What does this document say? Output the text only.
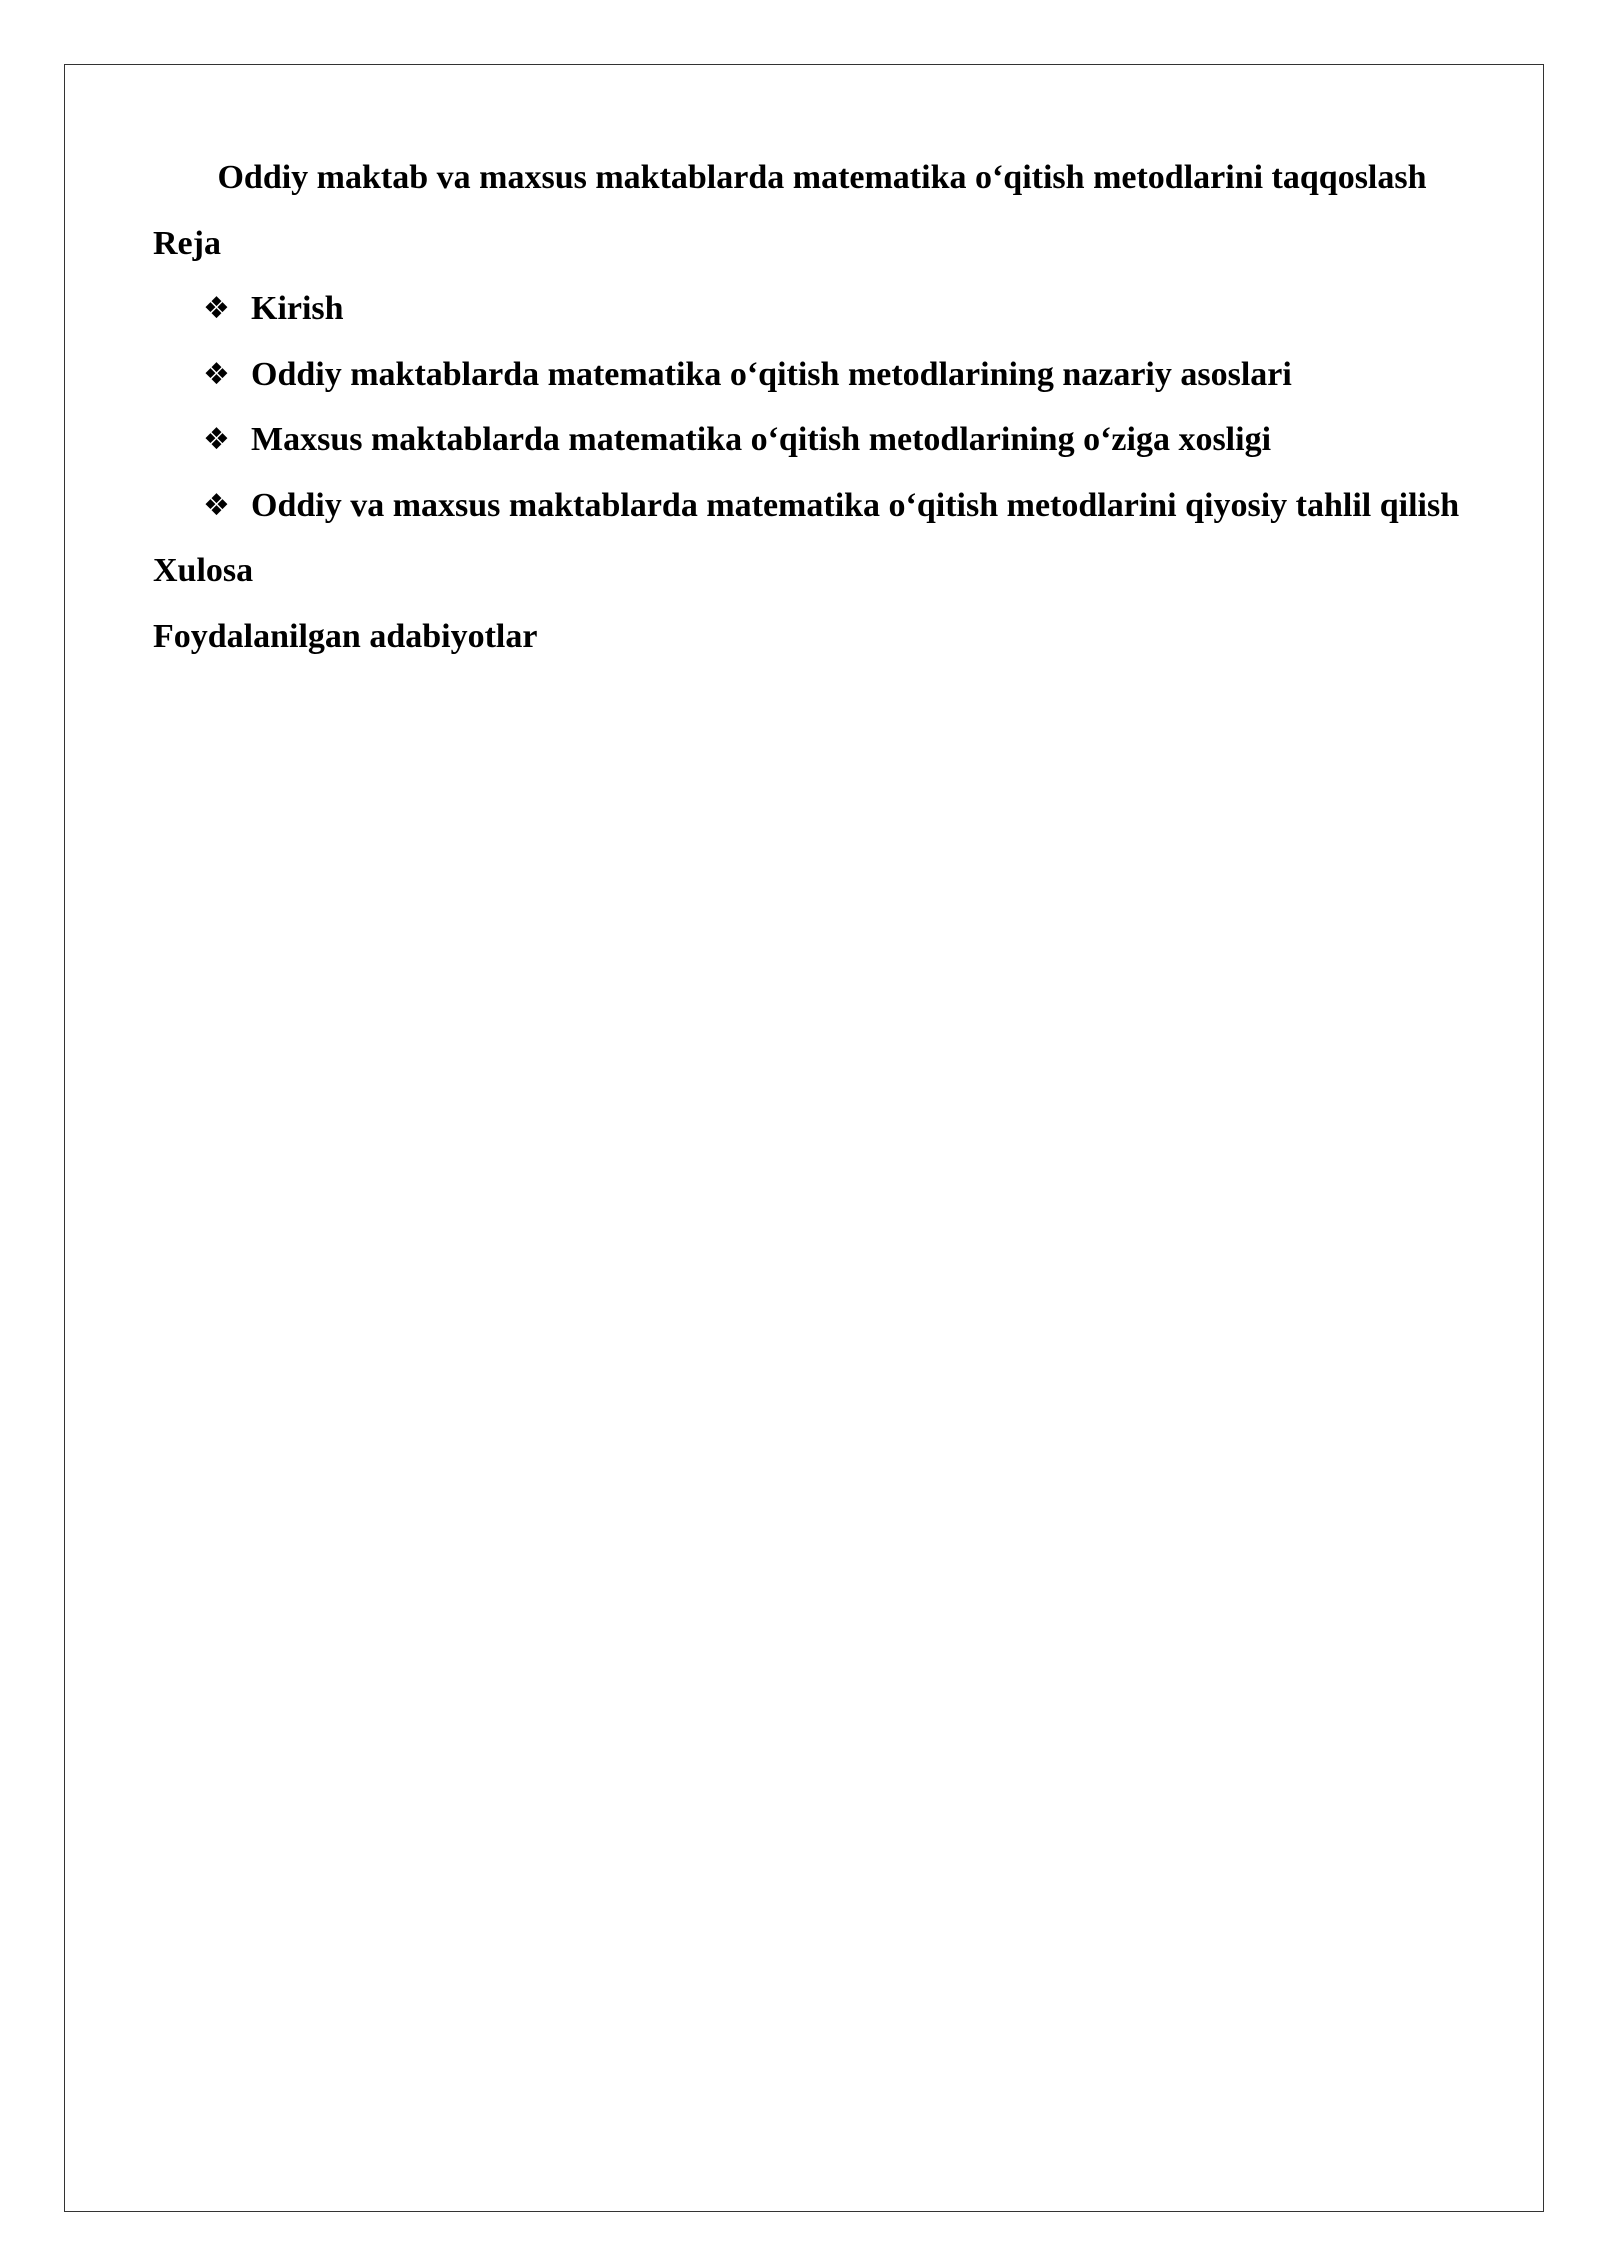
Oddiy maktab va maxsus maktablarda matematika o‘qitish metodlarini taqqoslash
Reja
❖ Kirish
❖ Oddiy maktablarda matematika o‘qitish metodlarining nazariy asoslari
❖ Maxsus maktablarda matematika o‘qitish metodlarining o‘ziga xosligi
❖ Oddiy va maxsus maktablarda matematika o‘qitish metodlarini qiyosiy tahlil qilish
Xulosa
Foydalanilgan adabiyotlar
